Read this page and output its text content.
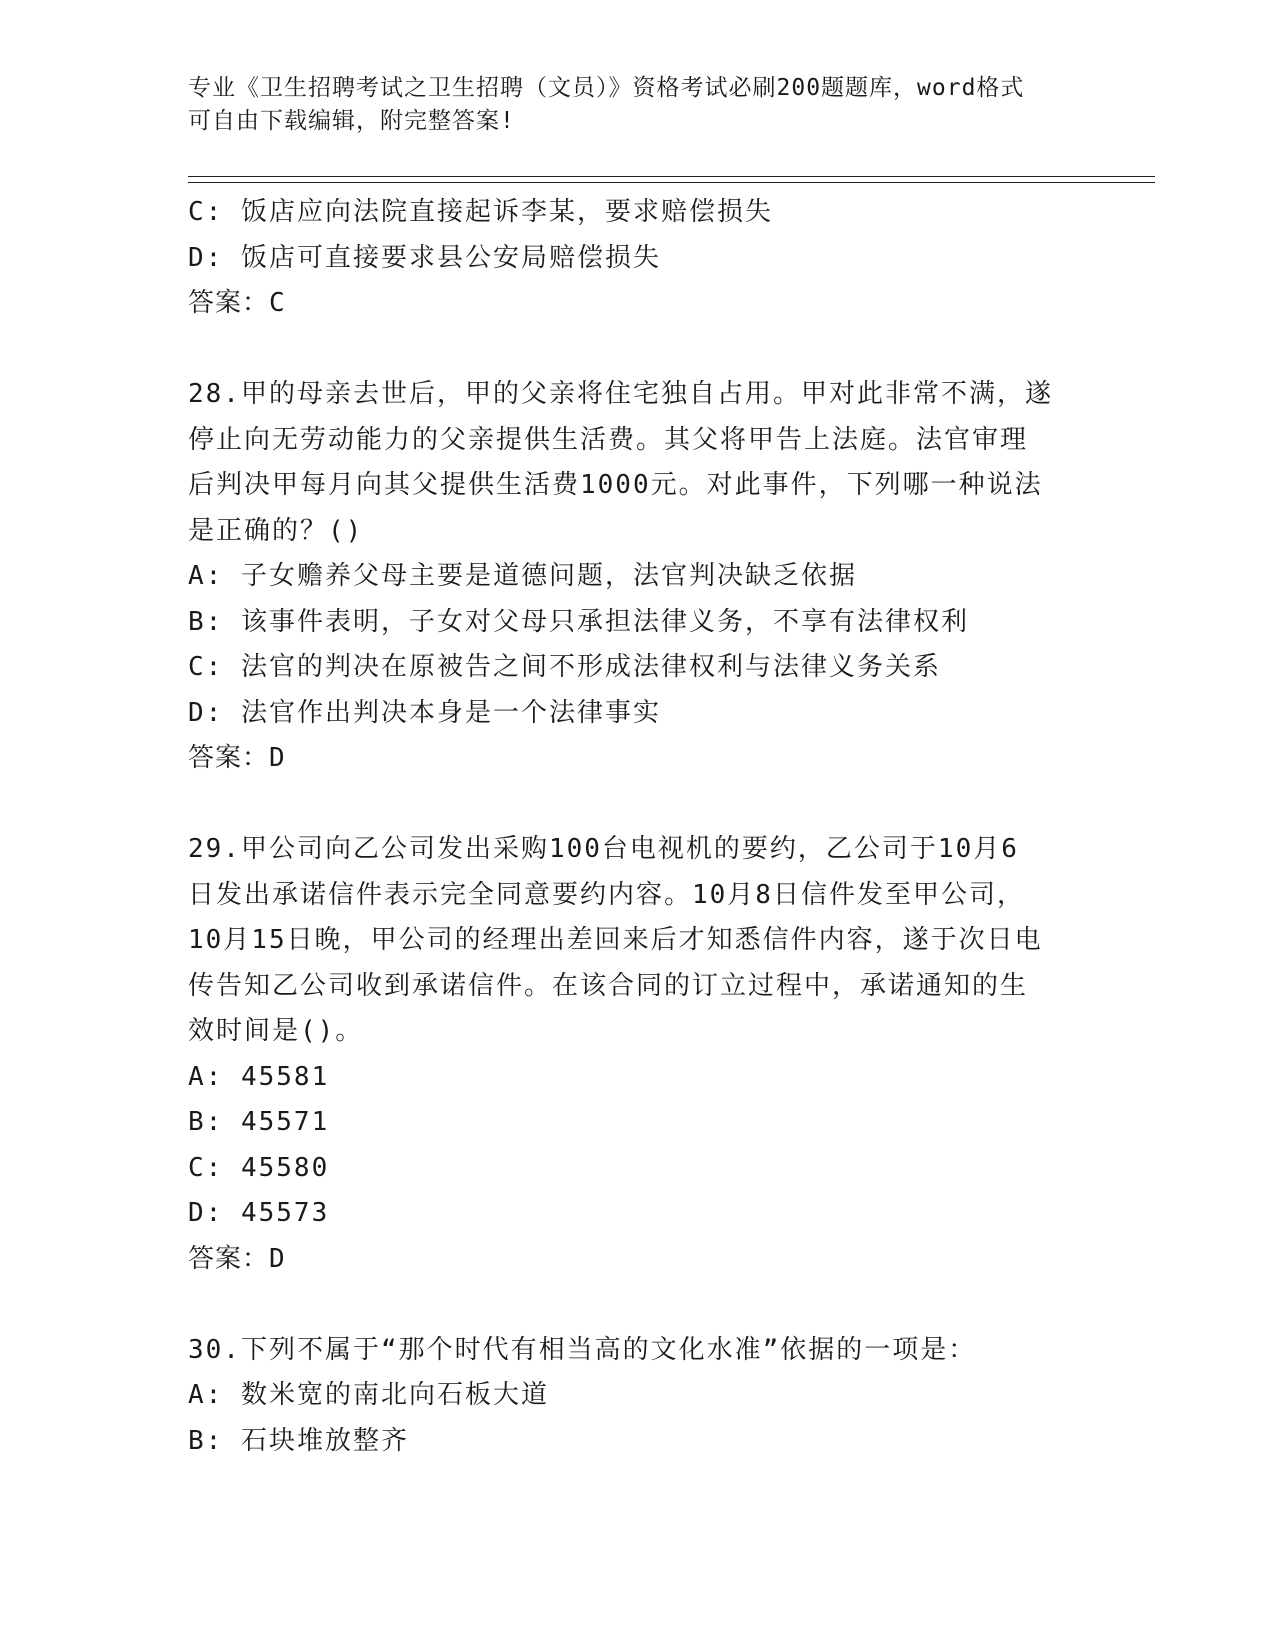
专业《卫生招聘考试之卫生招聘（文员）》资格考试必刷200题题库，word格式
可自由下载编辑，附完整答案!
C: 饭店应向法院直接起诉李某，要求赔偿损失
D: 饭店可直接要求县公安局赔偿损失
答案：C
28.甲的母亲去世后，甲的父亲将住宅独自占用。甲对此非常不满，遂
停止向无劳动能力的父亲提供生活费。其父将甲告上法庭。法官审理
后判决甲每月向其父提供生活费1000元。对此事件，下列哪一种说法
是正确的？()
A: 子女赡养父母主要是道德问题，法官判决缺乏依据
B: 该事件表明，子女对父母只承担法律义务，不享有法律权利
C: 法官的判决在原被告之间不形成法律权利与法律义务关系
D: 法官作出判决本身是一个法律事实
答案：D
29.甲公司向乙公司发出采购100台电视机的要约，乙公司于10月6
日发出承诺信件表示完全同意要约内容。10月8日信件发至甲公司，
10月15日晚，甲公司的经理出差回来后才知悉信件内容，遂于次日电
传告知乙公司收到承诺信件。在该合同的订立过程中，承诺通知的生
效时间是()。
A: 45581
B: 45571
C: 45580
D: 45573
答案：D
30.下列不属于“那个时代有相当高的文化水准”依据的一项是：
A: 数米宽的南北向石板大道
B: 石块堆放整齐
